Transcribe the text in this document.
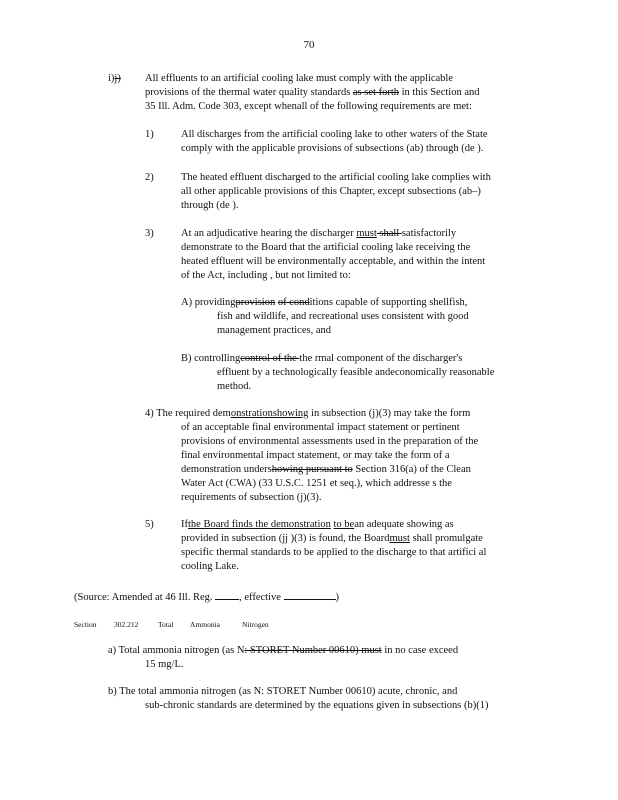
70
i)j) All effluents to an artificial cooling lake must comply with the applicable

provisions of the thermal water quality standards as set forth in this Section and

35 Ill. Adm. Code 303, except whenall of the following requirements are met:

1)	All discharges from the artificial cooling lake to other waters of the State

comply with the applicable provisions of subsections (ab) through (de ).

2)	The heated effluent discharged to the artificial cooling lake complies with

all other applicable provisions of this Chapter, except subsections (ab–)

through (de ).

3)	At an adjudicative hearing the discharger must shall satisfactorily

demonstrate to the Board that the artificial cooling lake receiving the

heated effluent will be environmentally acceptable, and within the intent

of the Act, including , but not limited to:

A) providingprovision of conditions capable of supporting shellfish,

fish and wildlife, and recreational uses consistent with good

management practices, and

B) controllingcontrol of the the rmal component of the discharger's

effluent by a technologically feasible andeconomically reasonable

method.

4) The required demonstrationshowing in subsection (j)(3) may take the form

of an acceptable final environmental impact statement or pertinent

provisions of environmental assessments used in the preparation of the

final environmental impact statement, or may take the form of a

demonstration undershowing pursuant to Section 316(a) of the Clean

Water Act (CWA) (33 U.S.C. 1251 et seq.), which addresse s the

requirements of subsection (j)(3).

5)	Ifthe Board finds the demonstration to bean adequate showing as

provided in subsection (jj )(3) is found, the Boardmust shall promulgate

specific thermal standards to be applied to the discharge to that artifici al

cooling Lake.

(Source: Amended at 46 Ill. Reg. , effective	)
Section 302.212	Total Ammonia	Nitrogen

a) Total ammonia nitrogen (as N: STORET Number 00610) must in no case exceed

15 mg/L.

b) The total ammonia nitrogen (as N: STORET Number 00610) acute, chronic, and

sub-chronic standards are determined by the equations given in subsections (b)(1)
